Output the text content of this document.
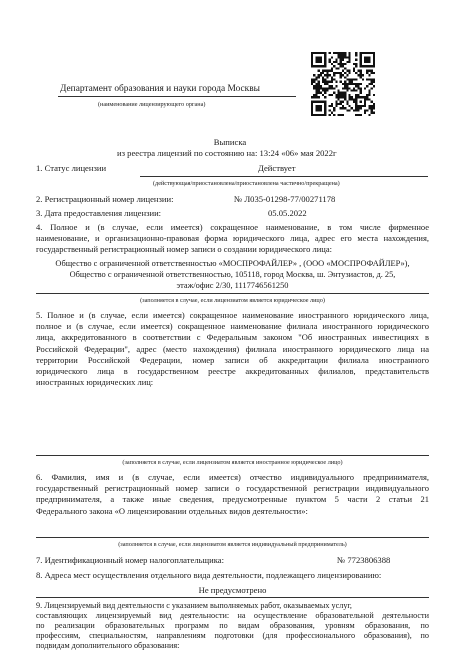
Департамент образования и науки города Москвы
(наименование лицензирующего органа)
Выписка
из реестра лицензий по состоянию на: 13:24 «06» мая 2022г
1. Статус лицензии	Действует
(действующая/приостановлена/приостановлена частично/прекращена)
2. Регистрационный номер лицензии:	№ Л035-01298-77/00271178
3. Дата предоставления лицензии:	05.05.2022
4. Полное и (в случае, если имеется) сокращенное наименование, в том числе фирменное
наименование, и организационно-правовая форма юридического лица, адрес его места нахождения,
государственный регистрационный номер записи о создании юридического лица:
Общество с ограниченной ответственностью «МОСПРОФАЙЛЕР» , (ООО «МОСПРОФАЙЛЕР»),
Общество с ограниченной ответственностью, 105118, город Москва, ш. Энтузиастов, д. 25,
этаж/офис 2/30, 1117746561250
(заполняется в случае, если лицензиатом является юридическое лицо)
5. Полное и (в случае, если имеется) сокращенное наименование иностранного юридического лица,
полное и (в случае, если имеется) сокращенное наименование филиала иностранного юридического
лица, аккредитованного в соответствии с Федеральным законом "Об иностранных инвестициях в
Российской Федерации", адрес (место нахождения) филиала иностранного юридического лица на
территории Российской Федерации, номер записи об аккредитации филиала иностранного
юридического лица в государственном реестре аккредитованных филиалов, представительств
иностранных юридических лиц:
(заполняется в случае, если лицензиатом является иностранное юридическое лицо)
6. Фамилия, имя и (в случае, если имеется) отчество индивидуального предпринимателя,
государственный регистрационный номер записи о государственной регистрации индивидуального
предпринимателя, а также иные сведения, предусмотренные пунктом 5 части 2 статьи 21
Федерального закона «О лицензировании отдельных видов деятельности»:
(заполняется в случае, если лицензиатом является индивидуальный предприниматель)
7. Идентификационный номер налогоплательщика:	№ 7723806388
8. Адреса мест осуществления отдельного вида деятельности, подлежащего лицензированию:
Не предусмотрено
9. Лицензируемый вид деятельности с указанием выполняемых работ, оказываемых услуг,
составляющих лицензируемый вид деятельности: на осуществление образовательной деятельности
по реализации образовательных программ по видам образования, уровням образования, по
профессиям, специальностям, направлениям подготовки (для профессионального образования), по
подвидам дополнительного образования:
